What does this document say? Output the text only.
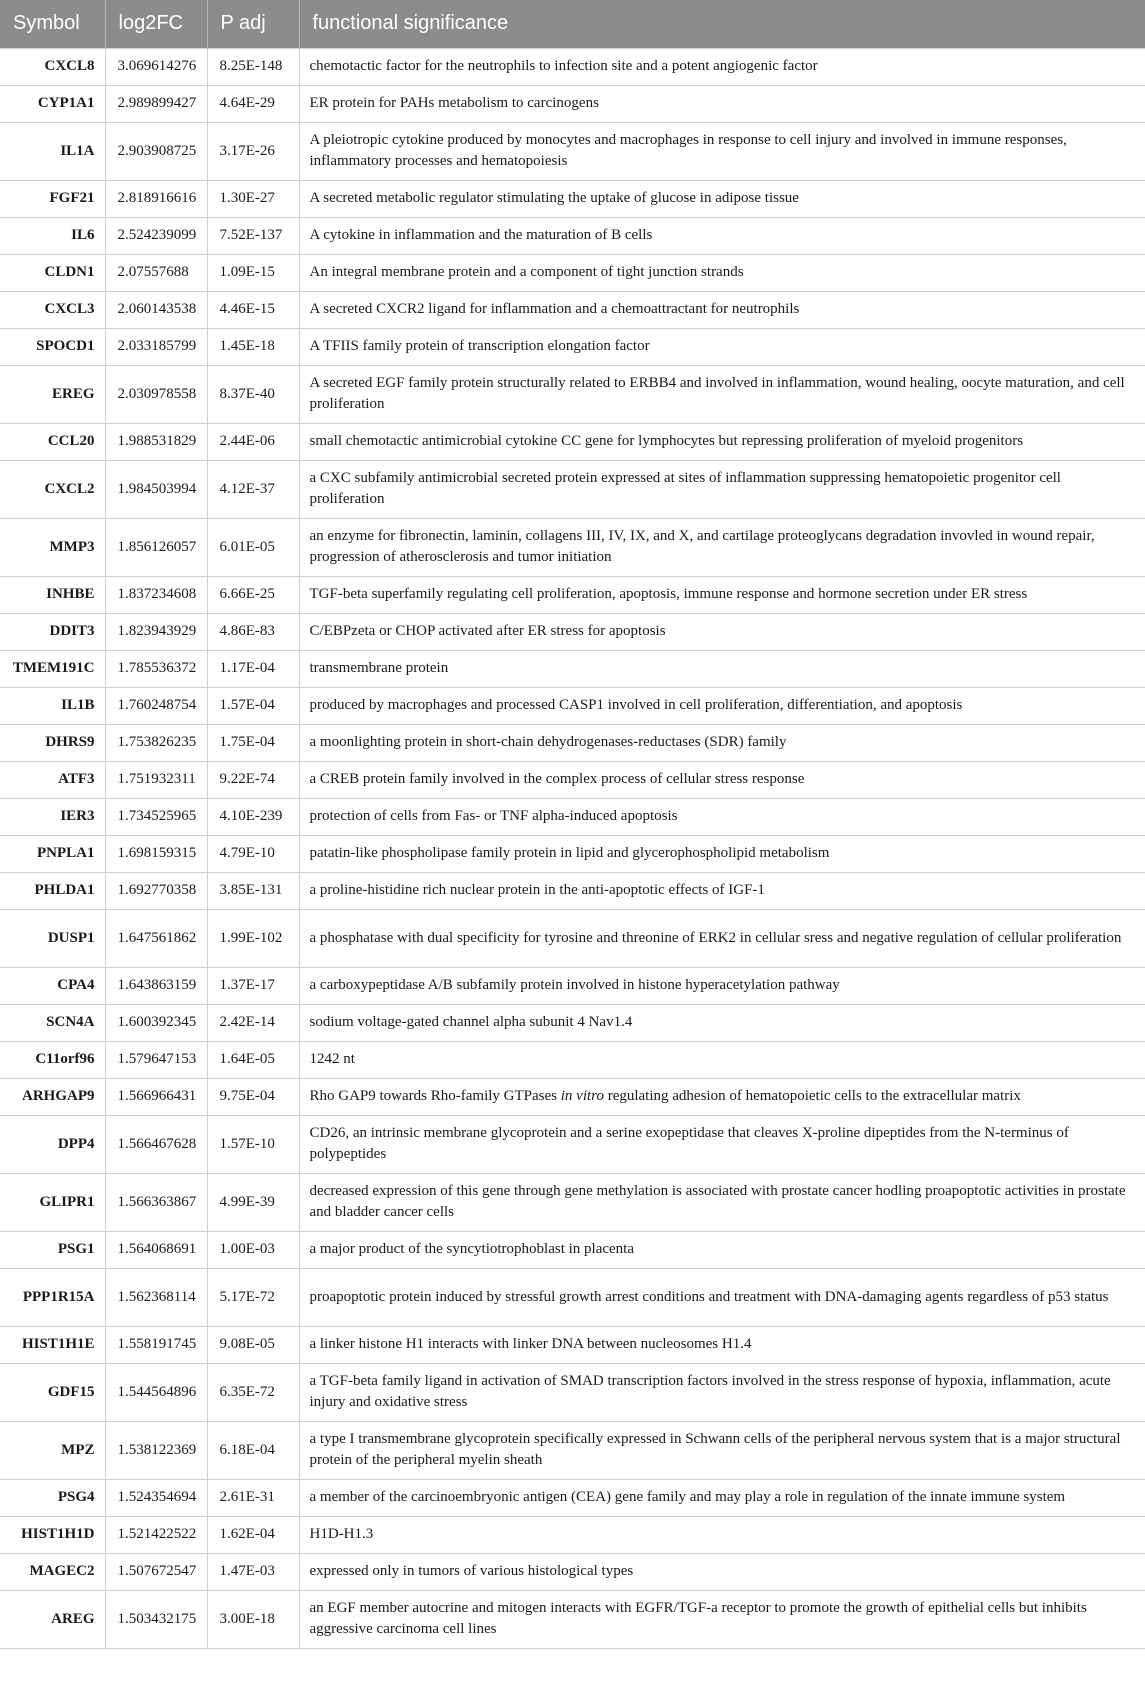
Symbol	log2FC	P adj	functional significance
CXCL8	3.069614276	8.25E-148	chemotactic factor for the neutrophils to infection site and a potent angiogenic factor
CYP1A1	2.989899427	4.64E-29	ER protein for PAHs metabolism to carcinogens
IL1A	2.903908725	3.17E-26	A pleiotropic cytokine produced by monocytes and macrophages in response to cell injury and involved in immune responses, inflammatory processes and hematopoiesis
FGF21	2.818916616	1.30E-27	A secreted metabolic regulator stimulating the uptake of glucose in adipose tissue
IL6	2.524239099	7.52E-137	A cytokine in inflammation and the maturation of B cells
CLDN1	2.07557688	1.09E-15	An integral membrane protein and a component of tight junction strands
CXCL3	2.060143538	4.46E-15	A secreted CXCR2 ligand for inflammation and a chemoattractant for neutrophils
SPOCD1	2.033185799	1.45E-18	A TFIIS family protein of transcription elongation factor
EREG	2.030978558	8.37E-40	A secreted EGF family protein structurally related to ERBB4 and involved in inflammation, wound healing, oocyte maturation, and cell proliferation
CCL20	1.988531829	2.44E-06	small chemotactic antimicrobial cytokine CC gene for lymphocytes but repressing proliferation of myeloid progenitors
CXCL2	1.984503994	4.12E-37	a CXC subfamily antimicrobial secreted protein expressed at sites of inflammation suppressing hematopoietic progenitor cell proliferation
MMP3	1.856126057	6.01E-05	an enzyme for fibronectin, laminin, collagens III, IV, IX, and X, and cartilage proteoglycans degradation invovled in wound repair, progression of atherosclerosis and tumor initiation
INHBE	1.837234608	6.66E-25	TGF-beta superfamily regulating cell proliferation, apoptosis, immune response and hormone secretion under ER stress
DDIT3	1.823943929	4.86E-83	C/EBPzeta or CHOP activated after ER stress for apoptosis
TMEM191C	1.785536372	1.17E-04	transmembrane protein
IL1B	1.760248754	1.57E-04	produced by macrophages and processed CASP1 involved in cell proliferation, differentiation, and apoptosis
DHRS9	1.753826235	1.75E-04	a moonlighting protein in short-chain dehydrogenases-reductases (SDR) family
ATF3	1.751932311	9.22E-74	a CREB protein family involved in the complex process of cellular stress response
IER3	1.734525965	4.10E-239	protection of cells from Fas- or TNF alpha-induced apoptosis
PNPLA1	1.698159315	4.79E-10	patatin-like phospholipase family protein in lipid and glycerophospholipid metabolism
PHLDA1	1.692770358	3.85E-131	a proline-histidine rich nuclear protein in the anti-apoptotic effects of IGF-1
DUSP1	1.647561862	1.99E-102	a phosphatase with dual specificity for tyrosine and threonine of ERK2 in cellular sress and negative regulation of cellular proliferation
CPA4	1.643863159	1.37E-17	a carboxypeptidase A/B subfamily protein involved in histone hyperacetylation pathway
SCN4A	1.600392345	2.42E-14	sodium voltage-gated channel alpha subunit 4 Nav1.4
C11orf96	1.579647153	1.64E-05	1242 nt
ARHGAP9	1.566966431	9.75E-04	Rho GAP9 towards Rho-family GTPases in vitro regulating adhesion of hematopoietic cells to the extracellular matrix
DPP4	1.566467628	1.57E-10	CD26, an intrinsic membrane glycoprotein and a serine exopeptidase that cleaves X-proline dipeptides from the N-terminus of polypeptides
GLIPR1	1.566363867	4.99E-39	decreased expression of this gene through gene methylation is associated with prostate cancer hodling proapoptotic activities in prostate and bladder cancer cells
PSG1	1.564068691	1.00E-03	a major product of the syncytiotrophoblast in placenta
PPP1R15A	1.562368114	5.17E-72	proapoptotic protein induced by stressful growth arrest conditions and treatment with DNA-damaging agents regardless of p53 status
HIST1H1E	1.558191745	9.08E-05	a linker histone H1 interacts with linker DNA between nucleosomes H1.4
GDF15	1.544564896	6.35E-72	a TGF-beta family ligand in activation of SMAD transcription factors involved in the stress response of hypoxia, inflammation, acute injury and oxidative stress
MPZ	1.538122369	6.18E-04	a type I transmembrane glycoprotein specifically expressed in Schwann cells of the peripheral nervous system that is a major structural protein of the peripheral myelin sheath
PSG4	1.524354694	2.61E-31	a member of the carcinoembryonic antigen (CEA) gene family and may play a role in regulation of the innate immune system
HIST1H1D	1.521422522	1.62E-04	H1D-H1.3
MAGEC2	1.507672547	1.47E-03	expressed only in tumors of various histological types
AREG	1.503432175	3.00E-18	an EGF member autocrine and mitogen interacts with EGFR/TGF-a receptor to promote the growth of epithelial cells but inhibits aggressive carcinoma cell lines
